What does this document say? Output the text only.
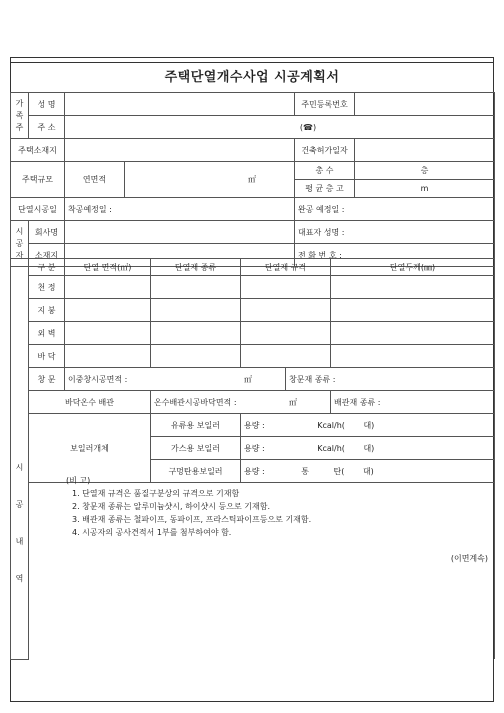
주택단열개수사업 시공계획서
가
족
주	성 명			주민등록번호	
	주 소	(☎)			
주택소재지				건축허가일자	
주택규모		연면적	㎡	총 수	층
				평 균 층 고	m
단열시공일		착공예정일 :		완공 예정일 :	

시
공
자	회사명			대표자 성명 :	
	소재지			전 화 번 호 :	
시
공
내
역	구 분	단열 면적(㎡)	단열재 종류	단열재 규격		단열두께(㎜)
	천 정					
	지 붕					
	외 벽					
	바 닥					
	창 문	이중창시공면적 : ㎡			창문재 종류 :	
	바닥온수 배관		온수배관시공바닥면적 : ㎡			배관재 종류 :
	보일러개체		유류용 보일러	용량 : Kcal/h( 대)		
			가스용 보일러	용량 : Kcal/h( 대)		
			구멍탄용보일러	용량 : 통 탄( 대)		

(비 고)
1. 단열재 규격은 품질구분상의 규격으로 기재함
2. 창문재 종류는 알루미늄샷시, 하이샷시 등으로 기재함.
3. 배관재 종류는 철파이프, 동파이프, 프라스틱파이프등으로 기재함.
4. 시공자의 공사견적서 1부를 첨부하여야 함.
(이면계속)
